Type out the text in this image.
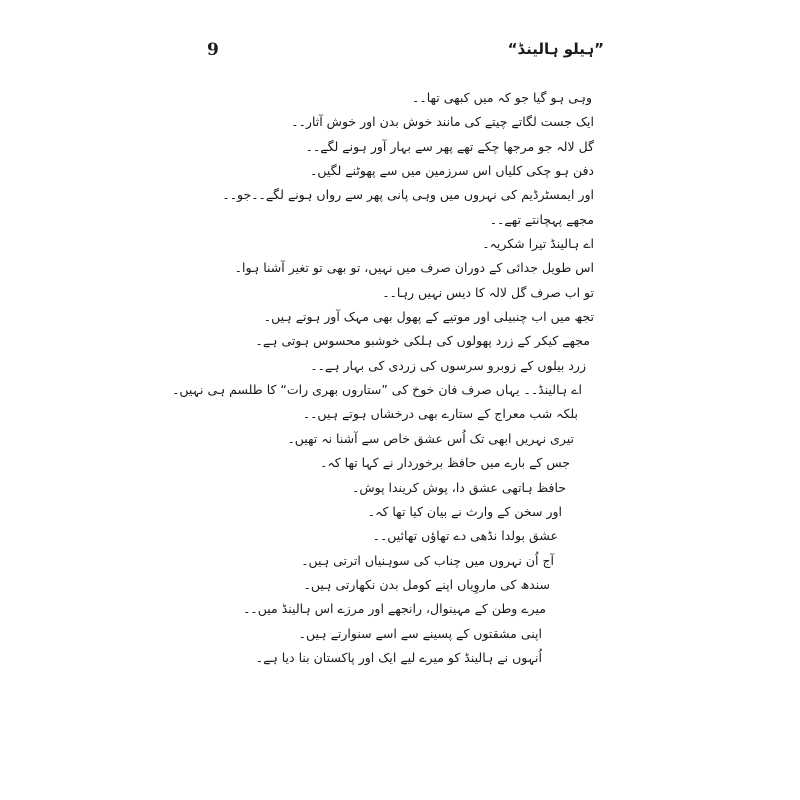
”ہیلو ہالینڈ“
9
وہی ہو گیا جو کہ میں کبھی تھا۔۔
ایک جست لگاتے چیتے کی مانند خوش بدن اور خوش آثار۔۔
گل لالہ جو مرجھا چکے تھے پھر سے بہار آور ہونے لگے۔۔
دفن ہو چکی کلیاں اس سرزمین میں سے پھوٹنے لگیں۔
اور ایمسٹرڈیم کی نہروں میں وہی پانی پھر سے رواں ہونے لگے۔۔جو۔۔
مجھے پہچانتے تھے۔۔
اے ہالینڈ تیرا شکریہ۔
اس طویل جدائی کے دوران صرف میں نہیں، تو بھی تو تغیر آشنا ہوا۔
تو اب صرف گل لالہ کا دیس نہیں رہا۔۔
تجھ میں اب چنبیلی اور موتیے کے پھول بھی مہک آور ہوتے ہیں۔
مجھے کیکر کے زرد پھولوں کی ہلکی خوشبو محسوس ہوتی ہے۔
زرد بیلوں کے زوبرو سرسوں کی زردی کی بہار ہے۔۔
اے ہالینڈ۔۔ یہاں صرف فان خوخ کی ”ستاروں بھری رات“ کا طلسم ہی نہیں۔
بلکہ شب معراج کے ستارے بھی درخشاں ہوتے ہیں۔۔
تیری نہریں ابھی تک اُس عشق خاص سے آشنا نہ تھیں۔
جس کے بارے میں حافظ برخوردار نے کہا تھا کہ۔
حافظ ہاتھی عشق دا، پوش کریندا پوش۔
اور سخن کے وارث نے بیان کیا تھا کہ۔
عشق بولدا نڈھی دے تھاؤں تھائیں۔۔
آج اُن نہروں میں چناب کی سوہنیاں اترتی ہیں۔
سندھ کی ماروِیاں اپنے کومل بدن نکھارتی ہیں۔
میرے وطن کے مہینوال، رانجھے اور مرزے اس ہالینڈ میں۔۔
اپنی مشقتوں کے پسینے سے اسے سنوارتے ہیں۔
اُنہوں نے ہالینڈ کو میرے لیے ایک اور پاکستان بنا دیا ہے۔
